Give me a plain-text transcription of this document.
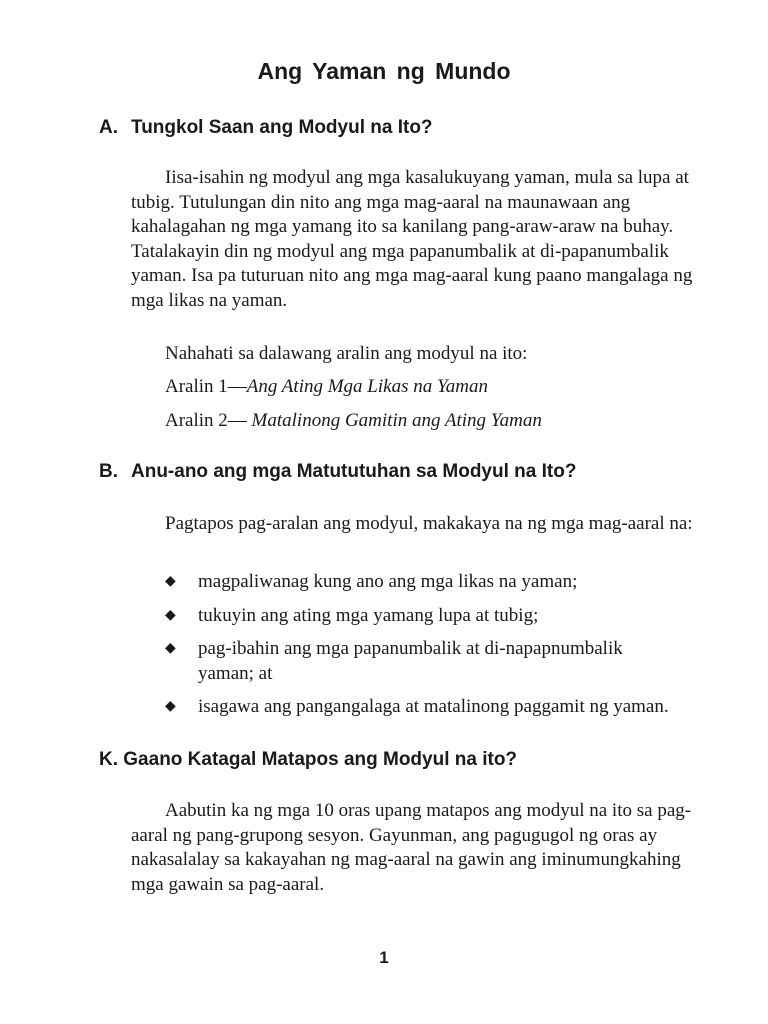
Ang Yaman ng Mundo
A. Tungkol Saan ang Modyul na Ito?

Iisa-isahin ng modyul ang mga kasalukuyang yaman, mula sa lupa at tubig. Tutulungan din nito ang mga mag-aaral na maunawaan ang kahalagahan ng mga yamang ito sa kanilang pang-araw-araw na buhay. Tatalakayin din ng modyul ang mga papanumbalik at di-papanumbalik yaman. Isa pa tuturuan nito ang mga mag-aaral kung paano mangalaga ng mga likas na yaman.

Nahahati sa dalawang aralin ang modyul na ito:

Aralin 1—Ang Ating Mga Likas na Yaman

Aralin 2— Matalinong Gamitin ang Ating Yaman

B. Anu-ano ang mga Matututuhan sa Modyul na Ito?

Pagtapos pag-aralan ang modyul, makakaya na ng mga mag-aaral na:

◆ magpaliwanag kung ano ang mga likas na yaman;
◆ tukuyin ang ating mga yamang lupa at tubig;
◆ pag-ibahin ang mga papanumbalik at di-napapnumbalik yaman; at
◆ isagawa ang pangangalaga at matalinong paggamit ng yaman.
K. Gaano Katagal Matapos ang Modyul na ito?

Aabutin ka ng mga 10 oras upang matapos ang modyul na ito sa pag-aaral ng pang-grupong sesyon. Gayunman, ang pagugugol ng oras ay nakasalalay sa kakayahan ng mag-aaral na gawin ang iminumungkahing mga gawain sa pag-aaral.

1
